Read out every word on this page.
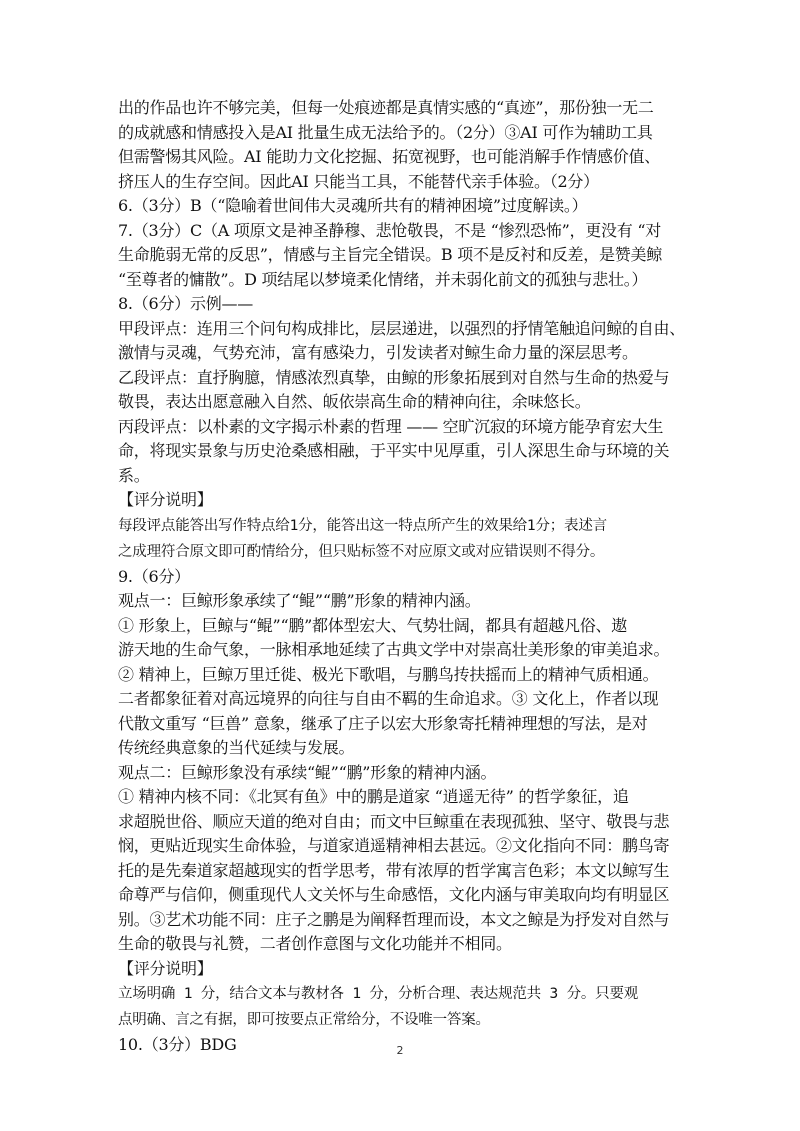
出的作品也许不够完美，但每一处痕迹都是真情实感的“真迹”，那份独一无二
的成就感和情感投入是AI 批量生成无法给予的。（2分）③AI 可作为辅助工具
但需警惕其风险。AI 能助力文化挖掘、拓宽视野，也可能消解手作情感价值、
挤压人的生存空间。因此AI 只能当工具，不能替代亲手体验。（2分）
6.（3分）B（“隐喻着世间伟大灵魂所共有的精神困境”过度解读。）
7.（3分）C（A 项原文是神圣静穆、悲怆敬畏，不是 “惨烈恐怖”，更没有 “对
生命脆弱无常的反思”，情感与主旨完全错误。B 项不是反衬和反差，是赞美鲸
“至尊者的慵散”。D 项结尾以梦境柔化情绪，并未弱化前文的孤独与悲壮。）
8.（6分）示例——
甲段评点：连用三个问句构成排比，层层递进，以强烈的抒情笔触追问鲸的自由、
激情与灵魂，气势充沛，富有感染力，引发读者对鲸生命力量的深层思考。
乙段评点：直抒胸臆，情感浓烈真挚，由鲸的形象拓展到对自然与生命的热爱与
敬畏，表达出愿意融入自然、皈依崇高生命的精神向往，余味悠长。
丙段评点：以朴素的文字揭示朴素的哲理 —— 空旷沉寂的环境方能孕育宏大生
命，将现实景象与历史沧桑感相融，于平实中见厚重，引人深思生命与环境的关
系。
【评分说明】
每段评点能答出写作特点给1分，能答出这一特点所产生的效果给1分；表述言
之成理符合原文即可酌情给分，但只贴标签不对应原文或对应错误则不得分。
9.（6分）
观点一：巨鲸形象承续了“鲲”“鹏”形象的精神内涵。
① 形象上，巨鲸与“鲲”“鹏”都体型宏大、气势壮阔，都具有超越凡俗、遨
游天地的生命气象，一脉相承地延续了古典文学中对崇高壮美形象的审美追求。
② 精神上，巨鲸万里迁徙、极光下歌唱，与鹏鸟抟扶摇而上的精神气质相通。
二者都象征着对高远境界的向往与自由不羁的生命追求。③ 文化上，作者以现
代散文重写 “巨兽” 意象，继承了庄子以宏大形象寄托精神理想的写法，是对
传统经典意象的当代延续与发展。
观点二：巨鲸形象没有承续“鲲”“鹏”形象的精神内涵。
① 精神内核不同：《北冥有鱼》中的鹏是道家 “逍遥无待” 的哲学象征，追
求超脱世俗、顺应天道的绝对自由；而文中巨鲸重在表现孤独、坚守、敬畏与悲
悯，更贴近现实生命体验，与道家逍遥精神相去甚远。②文化指向不同：鹏鸟寄
托的是先秦道家超越现实的哲学思考，带有浓厚的哲学寓言色彩；本文以鲸写生
命尊严与信仰，侧重现代人文关怀与生命感悟，文化内涵与审美取向均有明显区
别。③艺术功能不同：庄子之鹏是为阐释哲理而设，本文之鲸是为抒发对自然与
生命的敬畏与礼赞，二者创作意图与文化功能并不相同。
【评分说明】
立场明确 1 分，结合文本与教材各 1 分，分析合理、表达规范共 3 分。只要观
点明确、言之有据，即可按要点正常给分，不设唯一答案。
10.（3分）BDG	2
